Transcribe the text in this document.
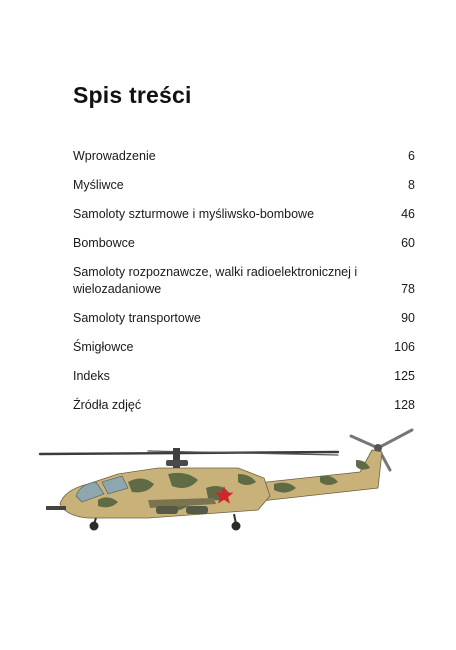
Spis treści
Wprowadzenie	6
Myśliwce	8
Samoloty szturmowe i myśliwsko-bombowe	46
Bombowce	60
Samoloty rozpoznawcze, walki radioelektronicznej i wielozadaniowe	78
Samoloty transportowe	90
Śmigłowce	106
Indeks	125
Źródła zdjęć	128
